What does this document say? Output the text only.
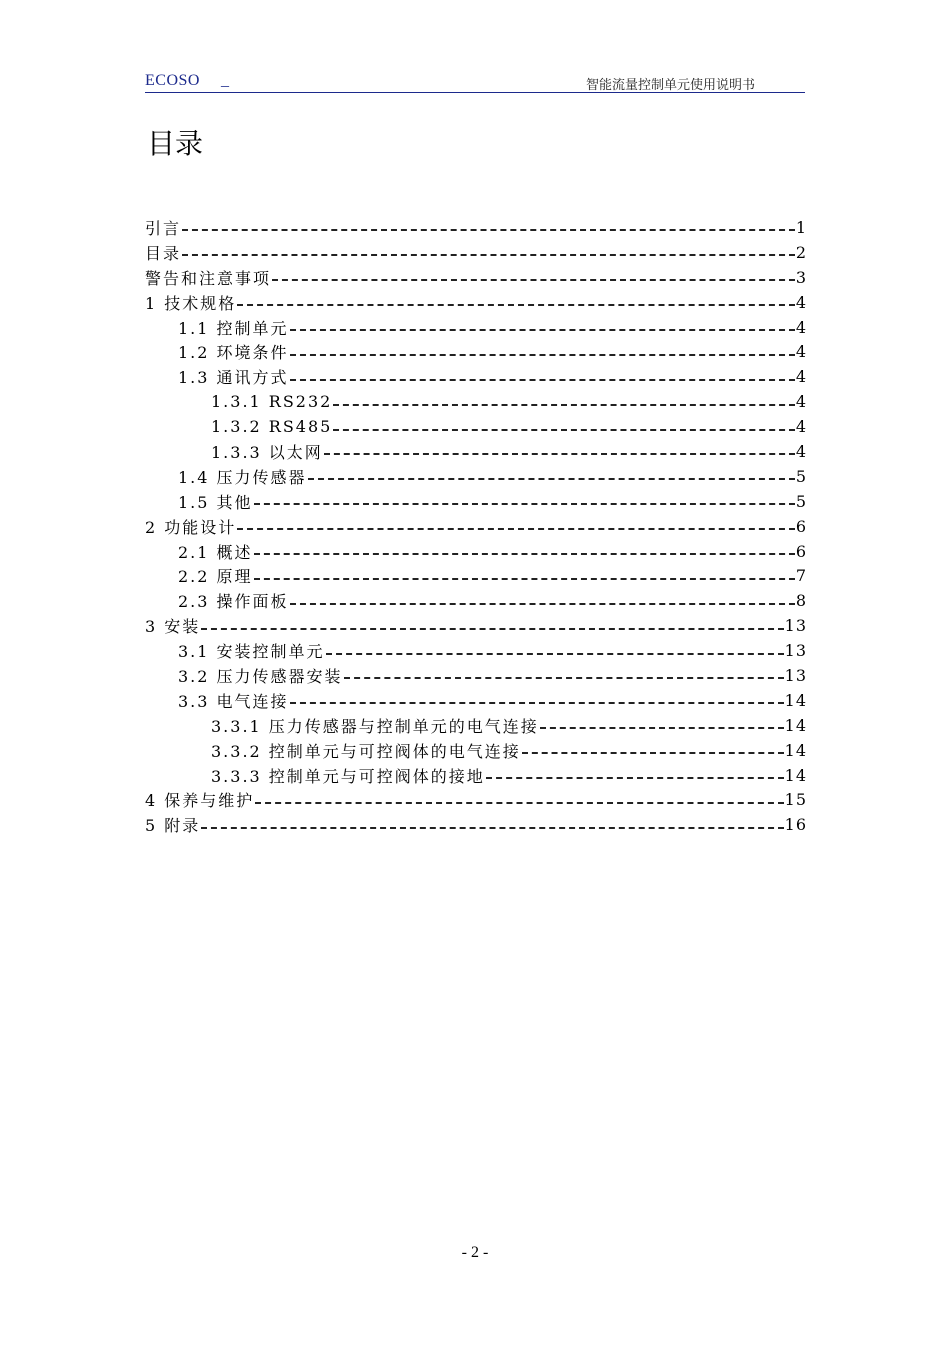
ECOSO _	智能流量控制单元使用说明书
目录
引言	1
目录	2
警告和注意事项	3
1 技术规格	4
1.1 控制单元	4
1.2 环境条件	4
1.3 通讯方式	4
1.3.1 RS232	4
1.3.2 RS485	4
1.3.3 以太网	4
1.4 压力传感器	5
1.5 其他	5
2 功能设计	6
2.1 概述	6
2.2 原理	7
2.3 操作面板	8
3 安装	13
3.1 安装控制单元	13
3.2 压力传感器安装	13
3.3 电气连接	14
3.3.1 压力传感器与控制单元的电气连接	14
3.3.2 控制单元与可控阀体的电气连接	14
3.3.3 控制单元与可控阀体的接地	14
4 保养与维护	15
5 附录	16
- 2 -
